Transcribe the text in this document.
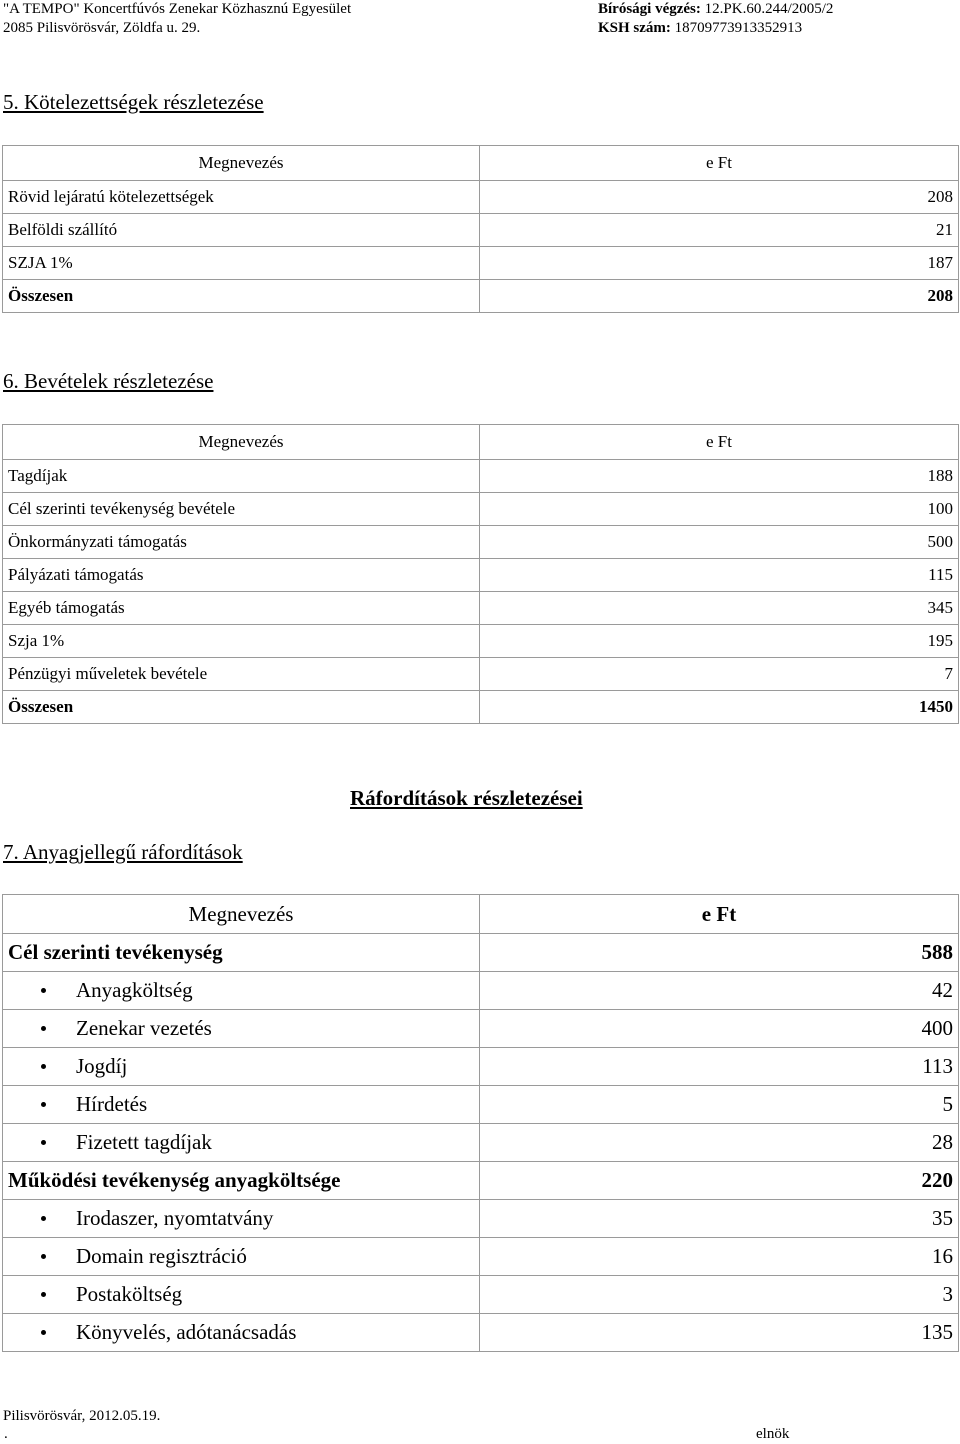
"A TEMPO" Koncertfúvós Zenekar Közhasznú Egyesület
2085 Pilisvörösvár, Zöldfa u. 29.
Bírósági végzés: 12.PK.60.244/2005/2
KSH szám: 18709773913352913
5. Kötelezettségek részletezése
Megnevezés	e Ft
Rövid lejáratú kötelezettségek	208
Belföldi szállító	21
SZJA 1%	187
Összesen	208
6. Bevételek részletezése
Megnevezés	e Ft
Tagdíjak	188
Cél szerinti tevékenység bevétele	100
Önkormányzati támogatás	500
Pályázati támogatás	115
Egyéb támogatás	345
Szja 1%	195
Pénzügyi műveletek bevétele	7
Összesen	1450
Ráfordítások részletezései
7. Anyagjellegű ráfordítások
Megnevezés	e Ft
Cél szerinti tevékenység	588
Anyagköltség	42
Zenekar vezetés	400
Jogdíj	113
Hírdetés	5
Fizetett tagdíjak	28
Működési tevékenység anyagköltsége	220
Irodaszer, nyomtatvány	35
Domain regisztráció	16
Postaköltség	3
Könyvelés, adótanácsadás	135
Pilisvörösvár, 2012.05.19.
.	elnök
